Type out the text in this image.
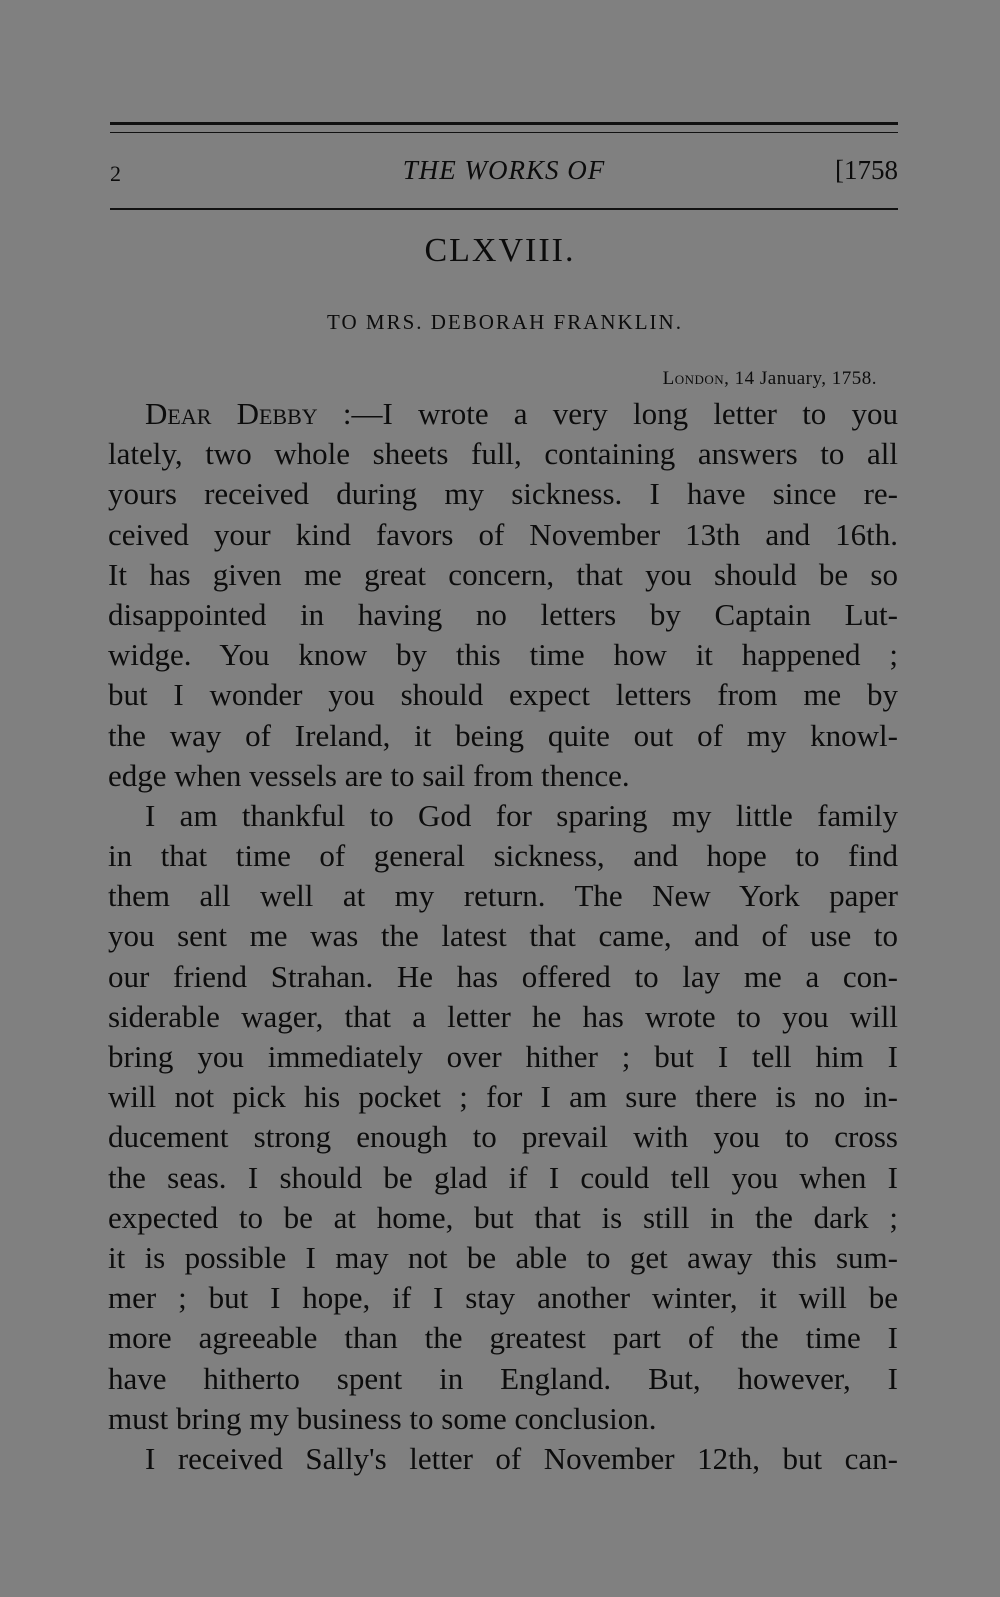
2	THE WORKS OF	[1758
CLXVIII.
TO MRS. DEBORAH FRANKLIN.
London, 14 January, 1758.
Dear Debby :—I wrote a very long letter to you
lately, two whole sheets full, containing answers to all
yours received during my sickness. I have since re-
ceived your kind favors of November 13th and 16th.
It has given me great concern, that you should be so
disappointed in having no letters by Captain Lut-
widge. You know by this time how it happened ;
but I wonder you should expect letters from me by
the way of Ireland, it being quite out of my knowl-
edge when vessels are to sail from thence.
I am thankful to God for sparing my little family
in that time of general sickness, and hope to find
them all well at my return. The New York paper
you sent me was the latest that came, and of use to
our friend Strahan. He has offered to lay me a con-
siderable wager, that a letter he has wrote to you will
bring you immediately over hither ; but I tell him I
will not pick his pocket ; for I am sure there is no in-
ducement strong enough to prevail with you to cross
the seas. I should be glad if I could tell you when I
expected to be at home, but that is still in the dark ;
it is possible I may not be able to get away this sum-
mer ; but I hope, if I stay another winter, it will be
more agreeable than the greatest part of the time I
have hitherto spent in England. But, however, I
must bring my business to some conclusion.
I received Sally's letter of November 12th, but can-
